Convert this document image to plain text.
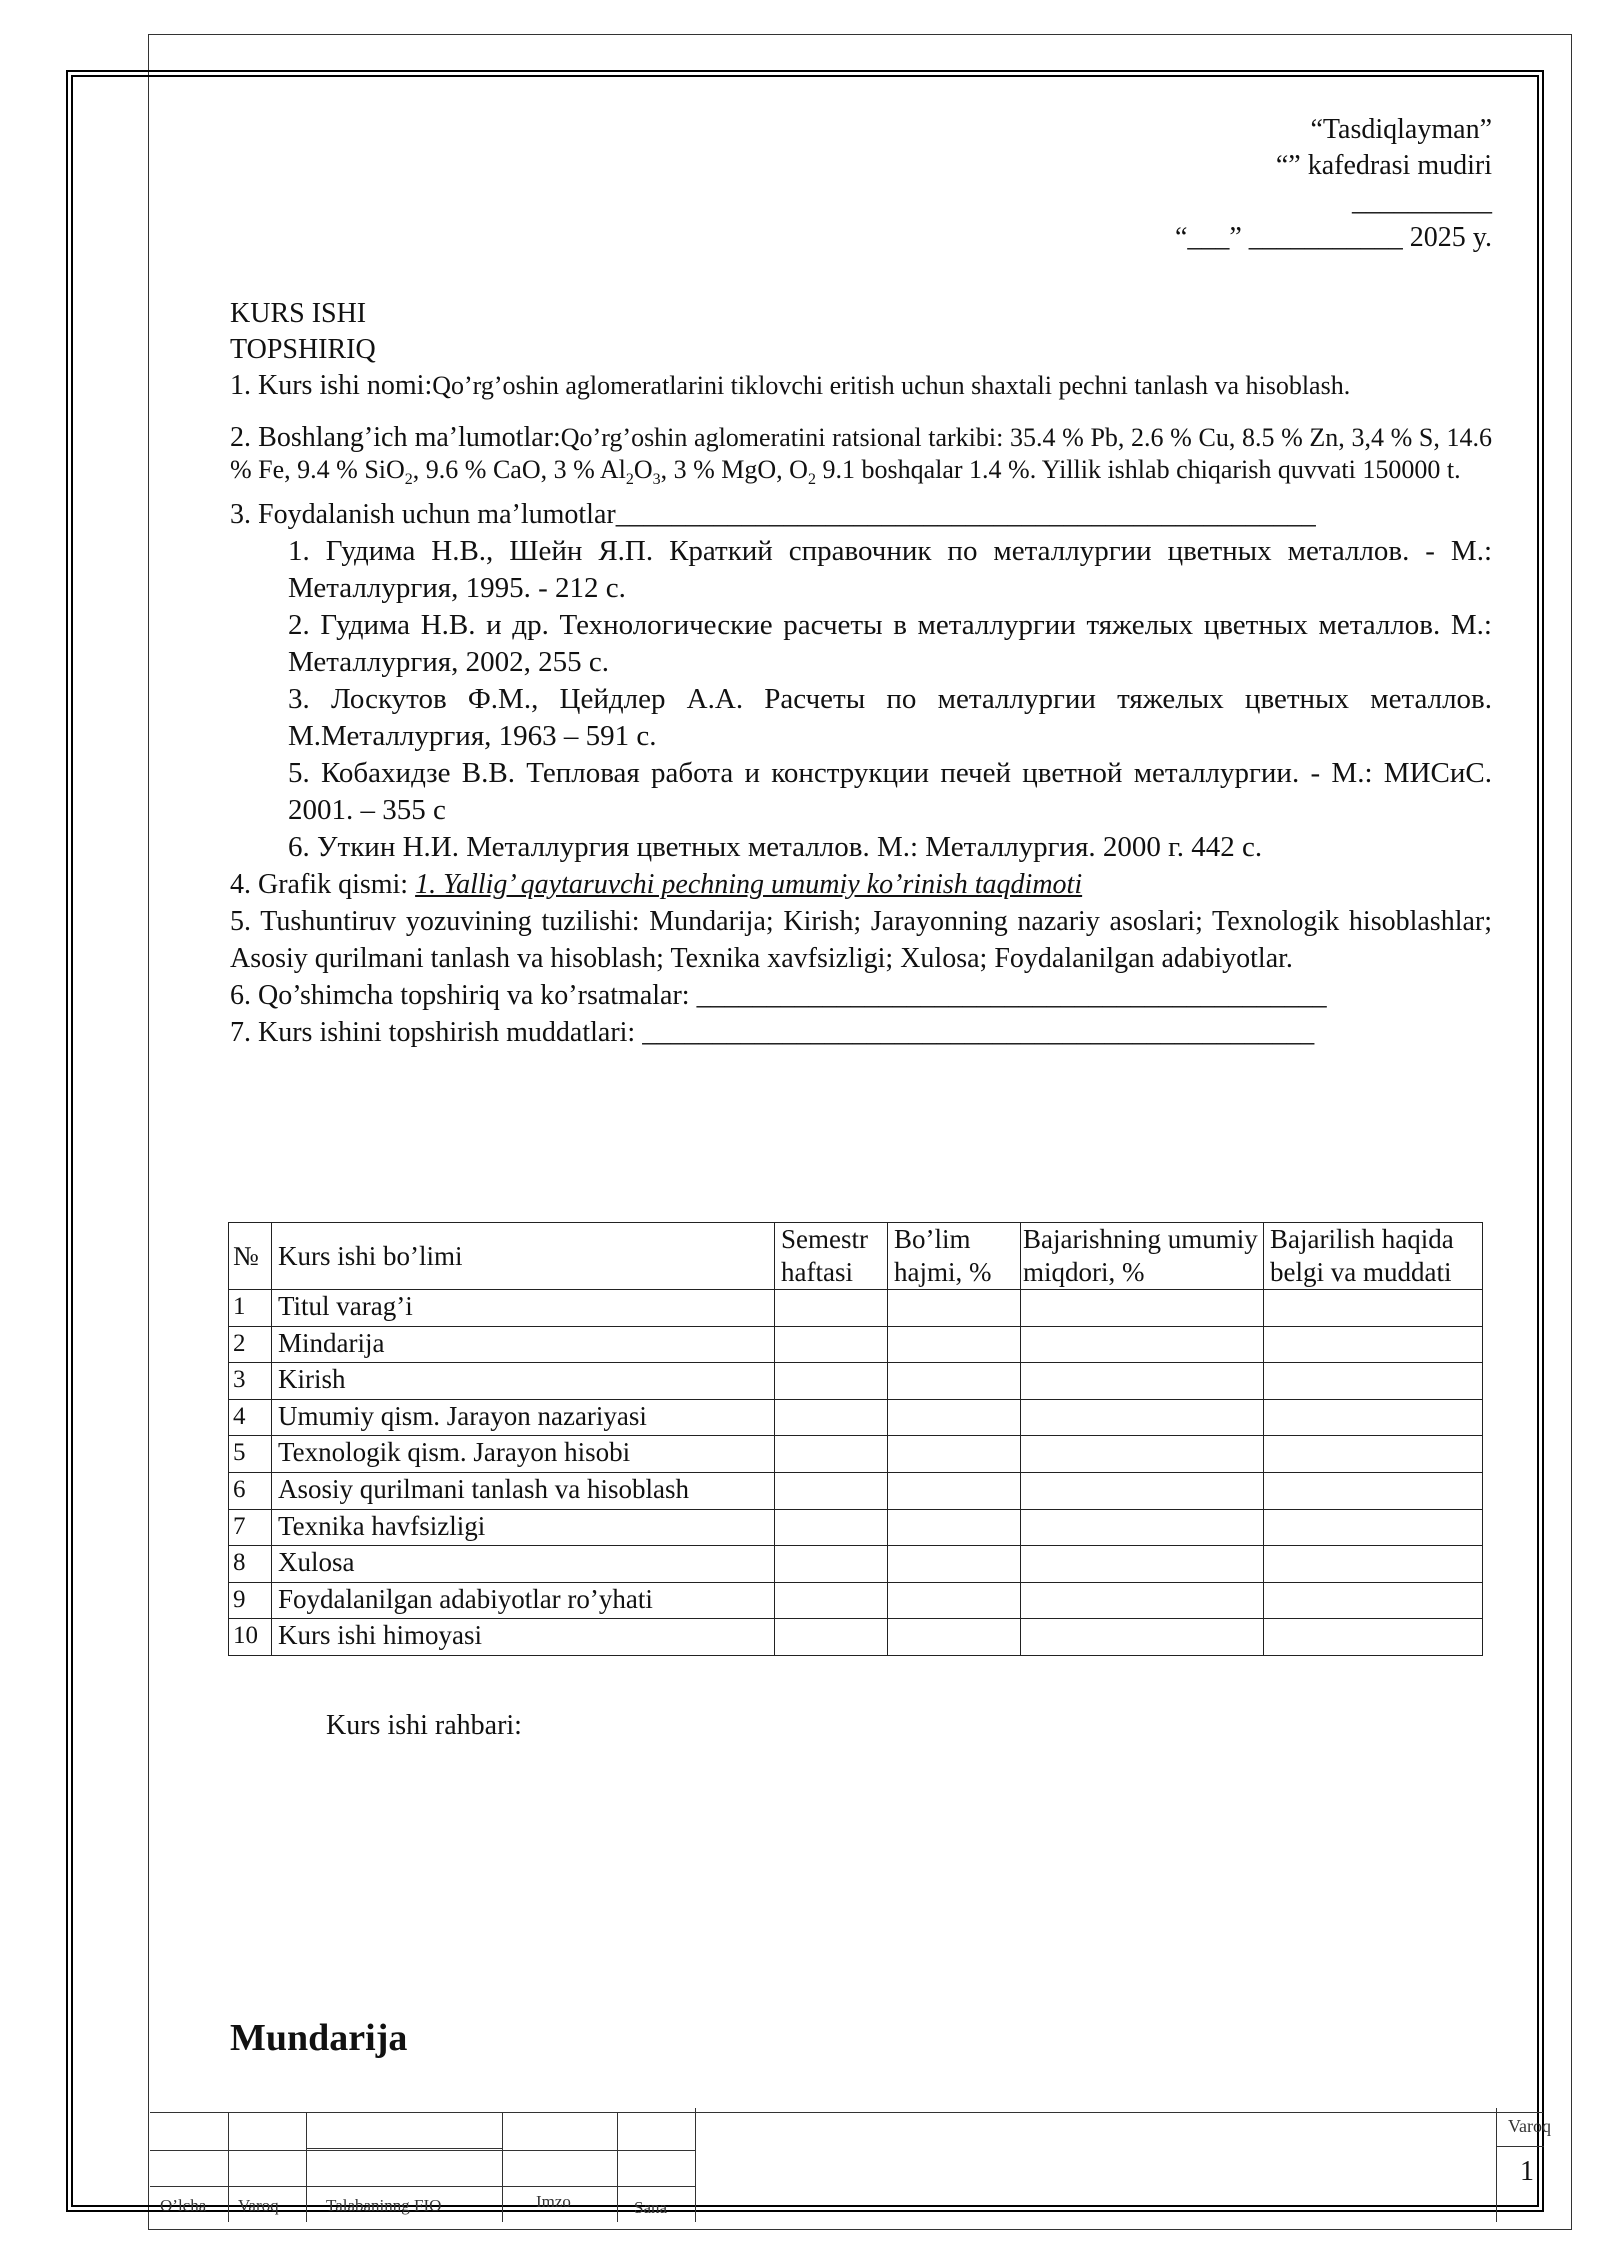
“Tasdiqlayman”
“” kafedrasi mudiri
__________
“___” ___________ 2025 y.
KURS ISHI
TOPSHIRIQ
1. Kurs ishi nomi:Qo’rg’oshin aglomeratlarini tiklovchi eritish uchun shaxtali pechni tanlash va hisoblash.
2. Boshlang’ich ma’lumotlar:Qo’rg’oshin aglomeratini ratsional tarkibi: 35.4 % Pb, 2.6 % Cu, 8.5 % Zn, 3,4 % S, 14.6 % Fe, 9.4 % SiO$_2$, 9.6 % CaO, 3 % $Al_2O_3$, 3 % MgO, $O_2$ 9.1 boshqalar 1.4 %. Yillik ishlab chiqarish quvvati 150000 t.
3. Foydalanish uchun ma’lumotlar__________________________________________________
1. Гудима Н.В., Шейн Я.П. Краткий справочник по металлургии цветных металлов. - М.: Металлургия, 1995. - 212 с.
2. Гудима Н.В. и др. Технологические расчеты в металлургии тяжелых цветных металлов. М.: Металлургия, 2002, 255 с.
3. Лоскутов Ф.М., Цейдлер А.А. Расчеты по металлургии тяжелых цветных металлов. М.Металлургия, 1963 – 591 с.
5. Кобахидзе В.В. Тепловая работа и конструкции печей цветной металлургии. - М.: МИСиС. 2001. – 355 с
6. Уткин Н.И. Металлургия цветных металлов. М.: Металлургия. 2000 г. 442 с.
4. Grafik qismi: 1. Yallig’ qaytaruvchi pechning umumiy ko’rinish taqdimoti
5. Tushuntiruv yozuvining tuzilishi: Mundarija; Kirish; Jarayonning nazariy asoslari; Texnologik hisoblashlar; Asosiy qurilmani tanlash va hisoblash; Texnika xavfsizligi; Xulosa; Foydalanilgan adabiyotlar.
6. Qo’shimcha topshiriq va ko’rsatmalar: _____________________________________________
7. Kurs ishini topshirish muddatlari: ________________________________________________
№	Kurs ishi bo’limi	Semestr haftasi	Bo’lim hajmi, %	Bajarishning umumiy miqdori, %	Bajarilish haqida belgi va muddati
1	Titul varag’i				
2	Mindarija				
3	Kirish				
4	Umumiy qism. Jarayon nazariyasi				
5	Texnologik qism. Jarayon hisobi				
6	Asosiy qurilmani tanlash va hisoblash				
7	Texnika havfsizligi				
8	Xulosa				
9	Foydalanilgan adabiyotlar ro’yhati				
10	Kurs ishi himoyasi				
Kurs ishi rahbari:
Mundarija
Varoq
1
O’lcha Varoq	Talabaninng FIO	Imzo	Sana
